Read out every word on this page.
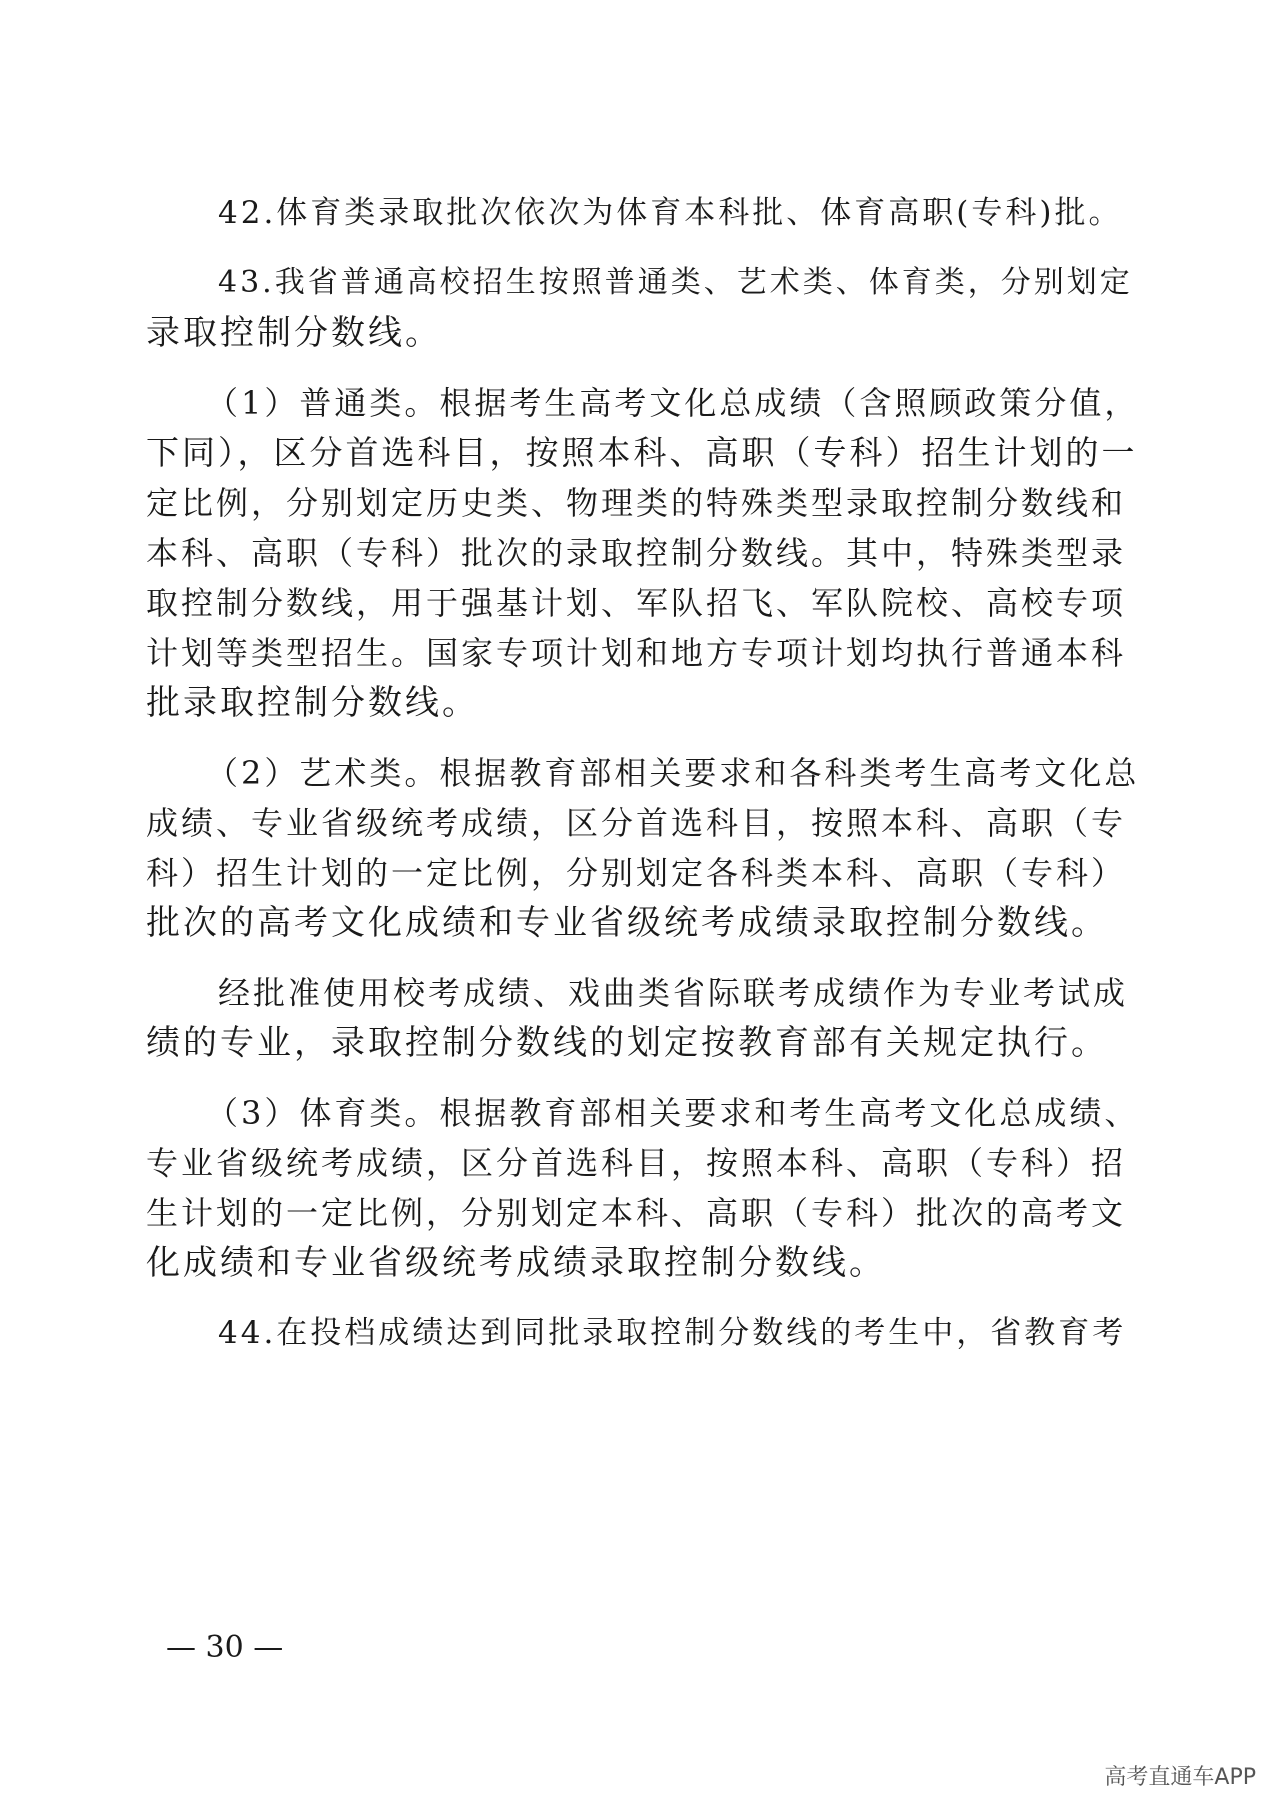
42.体育类录取批次依次为体育本科批、体育高职(专科)批。

43.我省普通高校招生按照普通类、艺术类、体育类，分别划定

录取控制分数线。

（1）普通类。根据考生高考文化总成绩（含照顾政策分值，

下同），区分首选科目，按照本科、高职（专科）招生计划的一

定比例，分别划定历史类、物理类的特殊类型录取控制分数线和

本科、高职（专科）批次的录取控制分数线。其中，特殊类型录

取控制分数线，用于强基计划、军队招飞、军队院校、高校专项

计划等类型招生。国家专项计划和地方专项计划均执行普通本科

批录取控制分数线。

（2）艺术类。根据教育部相关要求和各科类考生高考文化总

成绩、专业省级统考成绩，区分首选科目，按照本科、高职（专

科）招生计划的一定比例，分别划定各科类本科、高职（专科）

批次的高考文化成绩和专业省级统考成绩录取控制分数线。

经批准使用校考成绩、戏曲类省际联考成绩作为专业考试成

绩的专业，录取控制分数线的划定按教育部有关规定执行。

（3）体育类。根据教育部相关要求和考生高考文化总成绩、

专业省级统考成绩，区分首选科目，按照本科、高职（专科）招

生计划的一定比例，分别划定本科、高职（专科）批次的高考文

化成绩和专业省级统考成绩录取控制分数线。

44.在投档成绩达到同批录取控制分数线的考生中，省教育考

— 30 —

高考直通车APP
